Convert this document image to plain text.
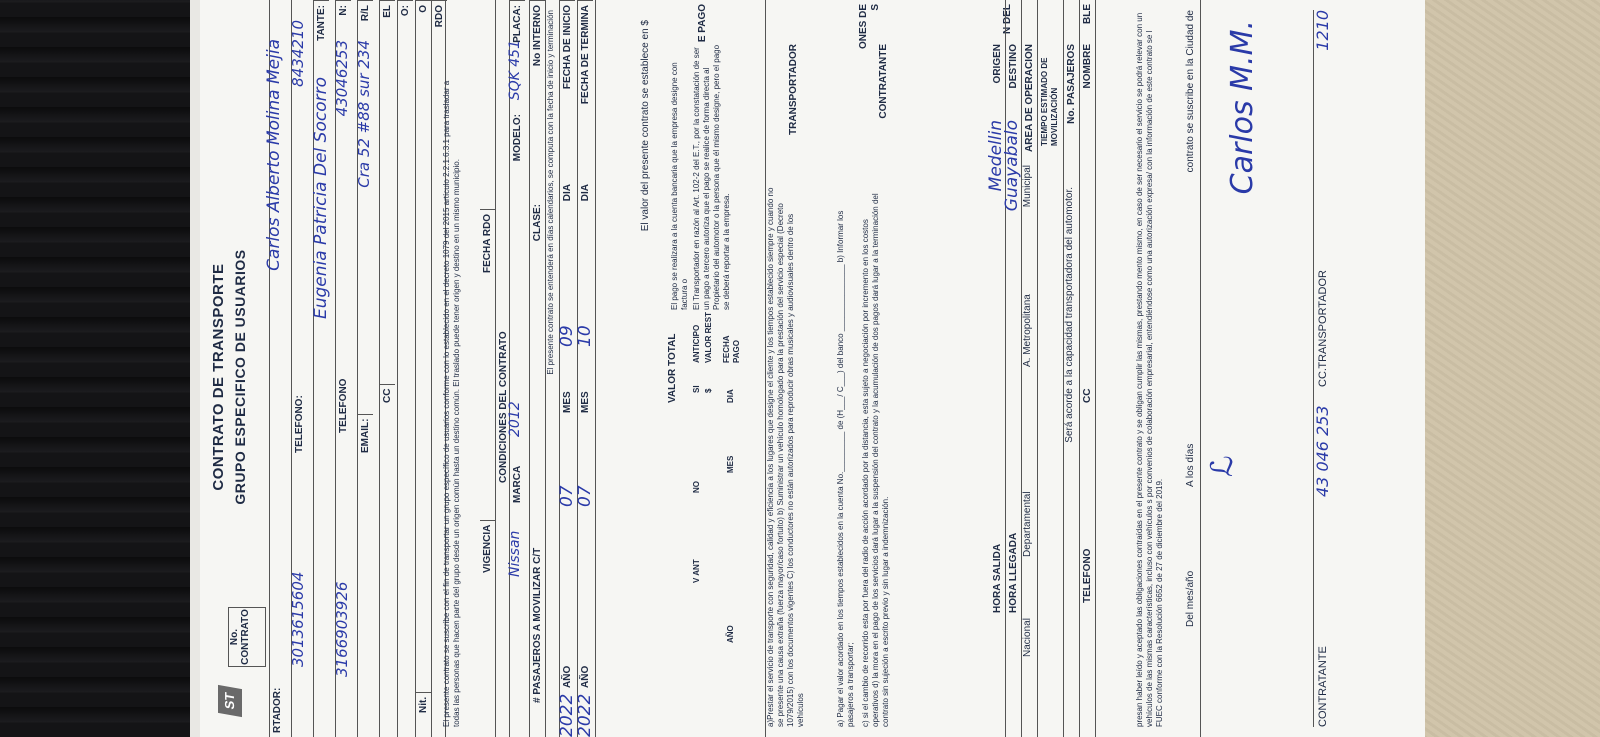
ST
CONTRATO DE TRANSPORTE GRUPO ESPECIFICO DE USUARIOS
No. CONTRATO
RTADOR:
Carlos Alberto Molina Mejia 8434210
TELEFONO:
3013615604
TANTE:
Eugenia Patricia Del Socorro
N:
43046253
TELEFONO
3166903926
R/L
Cra 52 #88 sur 234
EMAIL:
EL
CC
O: O
Nit.
RDO
El presente contrato se suscribe con el fin de transportar un grupo específico de usuarios conforme con lo establecido en el decreto 1079 del 2015 artículo 2.2.1.6.3.1 para trasladar a todas las personas que hacen parte del grupo desde un origen común hasta un destino común. El traslado puede tener origen y destino en un mismo municipio. FECHA RDO
VIGENCIA
CONDICIONES DEL CONTRATO
PLACA:
SQK 451
MODELO:
2012
MARCA
Nissan
No INTERNO
CLASE:
# PASAJEROS A MOVILIZAR C/T
El presente contrato se entenderá en días calendarios, se computa con la fecha de inicio y terminación FECHA DE INICIO
DIA
09
MES
07
AÑO
2022
FECHA DE TERMINA
DIA
10
MES
07
AÑO
2022
El valor del presente contrato se establece en $	E PAGO
El pago se realizara a la cuenta bancaria que la empresa designe con factura o El Transportador en razón al Art. 102-2 del E.T., por la constatación de ser un pago a tercero autoriza que el pago se realice de forma directa al Propietario del automotor o la persona que él mismo designe, pero el pago se deberá reportar a la empresa.
VALOR TOTAL ANTICIPO
SI
NO
V ANT
VALOR REST
$
FECHA PAGO
DIA
MES
AÑO
ONES DE S
TRANSPORTADOR
a)Prestar el servicio de transporte con seguridad, calidad y eficiencia a los lugares que designe el cliente y los tiempos establecido siempre y cuando no se presente una causa extraña (fuerza mayor/caso fortuito) b) Suministrar un vehículo homologado para la prestación del servicio especial (Decreto 1079/2015) con los documentos vigentes C) los conductores no están autorizados para reproducir obras musicales y audiovisuales dentro de los vehículos
CONTRATANTE
a) Pagar el valor acordado en los tiempos establecidos en la cuenta No._________ de (H___/ C___) del banco _______________ b) Informar los pasajeros a transportar; c) si el cambio de recorrido esta por fuera del radio de acción acordado por la distancia, esta sujeto a negociación por incremento en los costos operativos d) la mora en el pago de los servicios dará lugar a la suspensión del contrato y la acumulación de dos pagos dará lugar a la terminación del contrato sin sujeción a escrito previo y sin lugar a indemnización.
N DEL
ORIGEN
Medellin
HORA SALIDA
DESTINO
Guayabalo
HORA LLEGADA
AREA DE OPERACION
Municipal
A. Metropolitana
Departamental
Nacional
TIEMPO ESTIMADO DE MOVILIZACIÓN No. PASAJEROS
Será acorde a la capacidad transportadora del automotor.
BLE
NOMBRE
CC
TELEFONO	presan haber leído y aceptado las obligaciones contraídas en el presente contrato y se obligan cumplir las mismas, prestando mento mismo, en caso de ser necesario el servicio se podrá relevar con un vehículos de las mismas características, incluso con vehículos s por convenios de colaboración empresarial, entendiéndose como una autorización expresa/ con la información de este contrato se l FUEC conforme con la Resolución 6652 de 27 de diciembre del 2019.
contrato se suscribe en la Ciudad de
A los días
Del mes/año
Carlos M.M.
ℒ
1210
TRANSPORTADOR
CC.
43 046 253
CONTRATANTE
